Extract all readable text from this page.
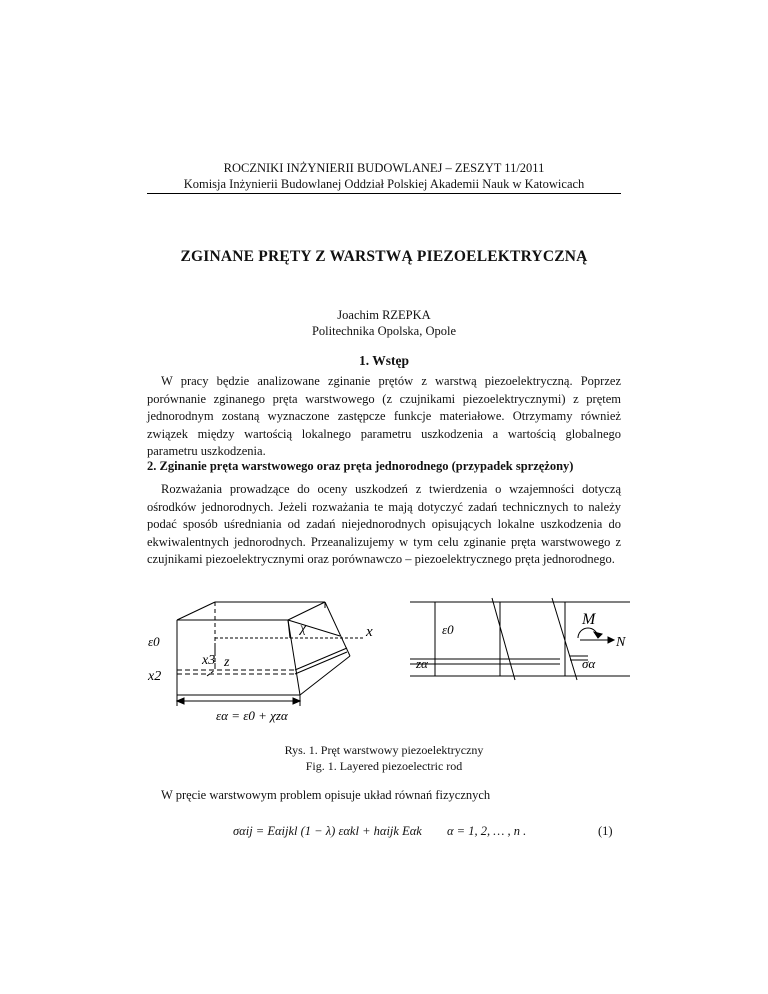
ROCZNIKI INŻYNIERII BUDOWLANEJ – ZESZYT 11/2011
Komisja Inżynierii Budowlanej Oddział Polskiej Akademii Nauk w Katowicach
ZGINANE PRĘTY Z WARSTWĄ PIEZOELEKTRYCZNĄ
Joachim RZEPKA
Politechnika Opolska, Opole
1. Wstęp
W pracy będzie analizowane zginanie prętów z warstwą piezoelektryczną. Poprzez porównanie zginanego pręta warstwowego (z czujnikami piezoelektrycznymi) z prętem jednorodnym zostaną wyznaczone zastępcze funkcje materiałowe. Otrzymamy również związek między wartością lokalnego parametru uszkodzenia a wartością globalnego parametru uszkodzenia.
2. Zginanie pręta warstwowego oraz pręta jednorodnego (przypadek sprzężony)
Rozważania prowadzące do oceny uszkodzeń z twierdzenia o wzajemności dotyczą ośrodków jednorodnych. Jeżeli rozważania te mają dotyczyć zadań technicznych to należy podać sposób uśredniania od zadań niejednorodnych opisujących lokalne uszkodzenia do ekwiwalentnych jednorodnych. Przeanalizujemy w tym celu zginanie pręta warstwowego z czujnikami piezoelektrycznymi oraz porównawczo – piezoelektrycznego pręta jednorodnego.
χ	x
ε0
x3 z
x2
εα = ε0 + χzα
ε0
M
N
zα	σα
Rys. 1. Pręt warstwowy piezoelektryczny
Fig. 1. Layered piezoelectric rod
W pręcie warstwowym problem opisuje układ równań fizycznych
σαij = Eαijkl (1 − λ) εαkl + hαijk Eαk α = 1, 2, … , n .	(1)
